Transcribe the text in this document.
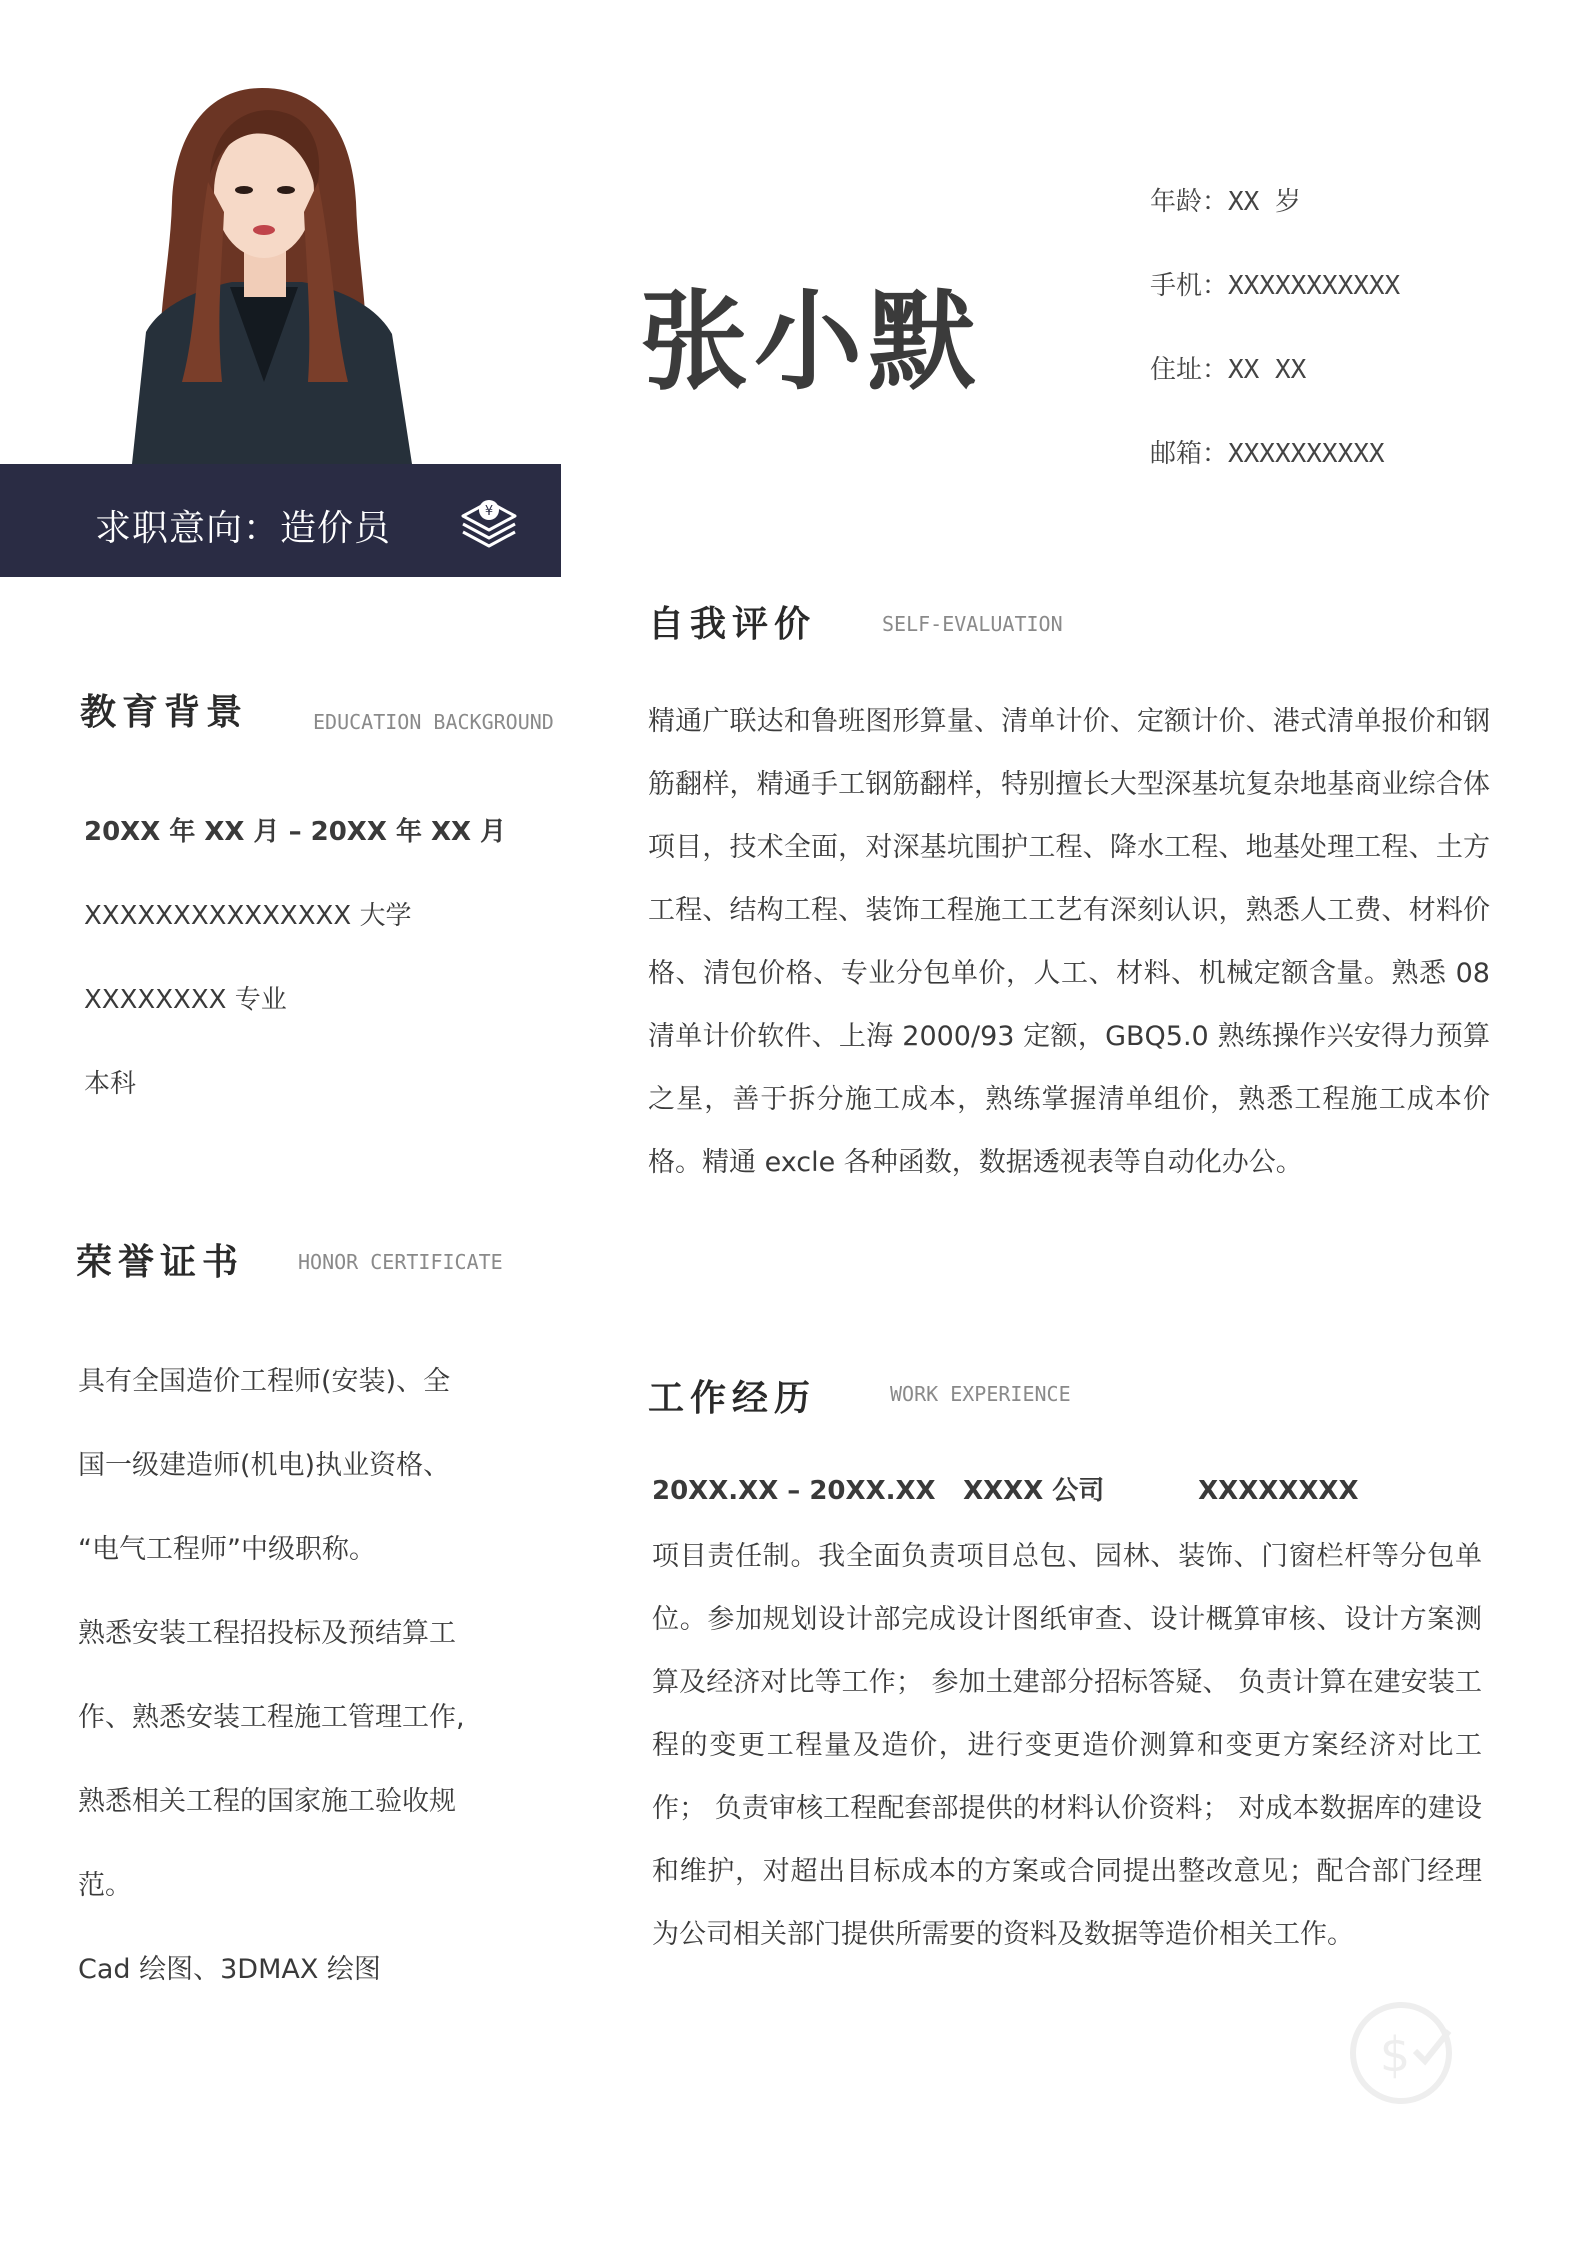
求职意向：造价员	¥
张小默
年龄：XX 岁
手机：XXXXXXXXXXX
住址：XX XX
邮箱：XXXXXXXXXX
教育背景	EDUCATION BACKGROUND
20XX 年 XX 月 – 20XX 年 XX 月
XXXXXXXXXXXXXXX 大学
XXXXXXXX 专业
本科
荣誉证书	HONOR CERTIFICATE
具有全国造价工程师(安装)、全
国一级建造师(机电)执业资格、
“电气工程师”中级职称。
熟悉安装工程招投标及预结算工
作、熟悉安装工程施工管理工作,
熟悉相关工程的国家施工验收规
范。
Cad 绘图、3DMAX 绘图
自我评价	SELF-EVALUATION
精通广联达和鲁班图形算量、清单计价、定额计价、港式清单报价和钢筋翻样，精通手工钢筋翻样，特别擅长大型深基坑复杂地基商业综合体项目，技术全面，对深基坑围护工程、降水工程、地基处理工程、土方工程、结构工程、装饰工程施工工艺有深刻认识，熟悉人工费、材料价格、清包价格、专业分包单价，人工、材料、机械定额含量。熟悉 08 清单计价软件、上海 2000/93 定额，GBQ5.0 熟练操作兴安得力预算之星，善于拆分施工成本，熟练掌握清单组价，熟悉工程施工成本价格。精通 excle 各种函数，数据透视表等自动化办公。
工作经历	WORK EXPERIENCE
20XX.XX – 20XX.XX XXXX 公司	XXXXXXXX
项目责任制。我全面负责项目总包、园林、装饰、门窗栏杆等分包单位。参加规划设计部完成设计图纸审查、设计概算审核、设计方案测算及经济对比等工作； 参加土建部分招标答疑、 负责计算在建安装工程的变更工程量及造价，进行变更造价测算和变更方案经济对比工作； 负责审核工程配套部提供的材料认价资料； 对成本数据库的建设和维护，对超出目标成本的方案或合同提出整改意见；配合部门经理为公司相关部门提供所需要的资料及数据等造价相关工作。
$
